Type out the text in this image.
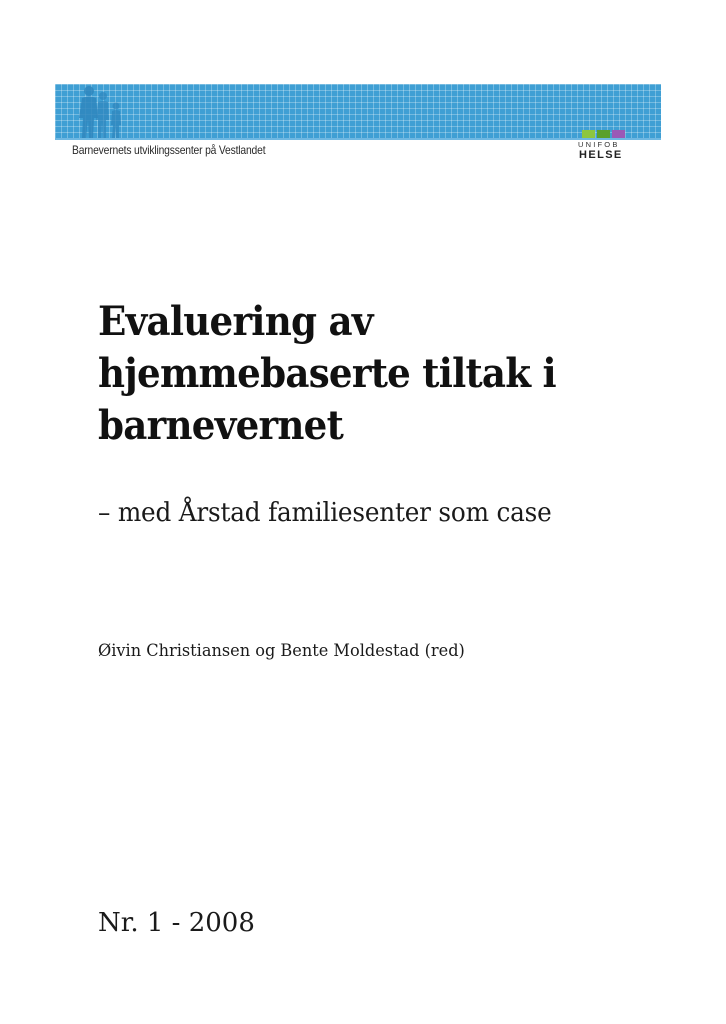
Barnevernets utviklingssenter på Vestlandet	UNIFOB
HELSE
Evaluering av
hjemmebaserte tiltak i
barnevernet
– med Årstad familiesenter som case
Øivin Christiansen og Bente Moldestad (red)
Nr. 1 - 2008
